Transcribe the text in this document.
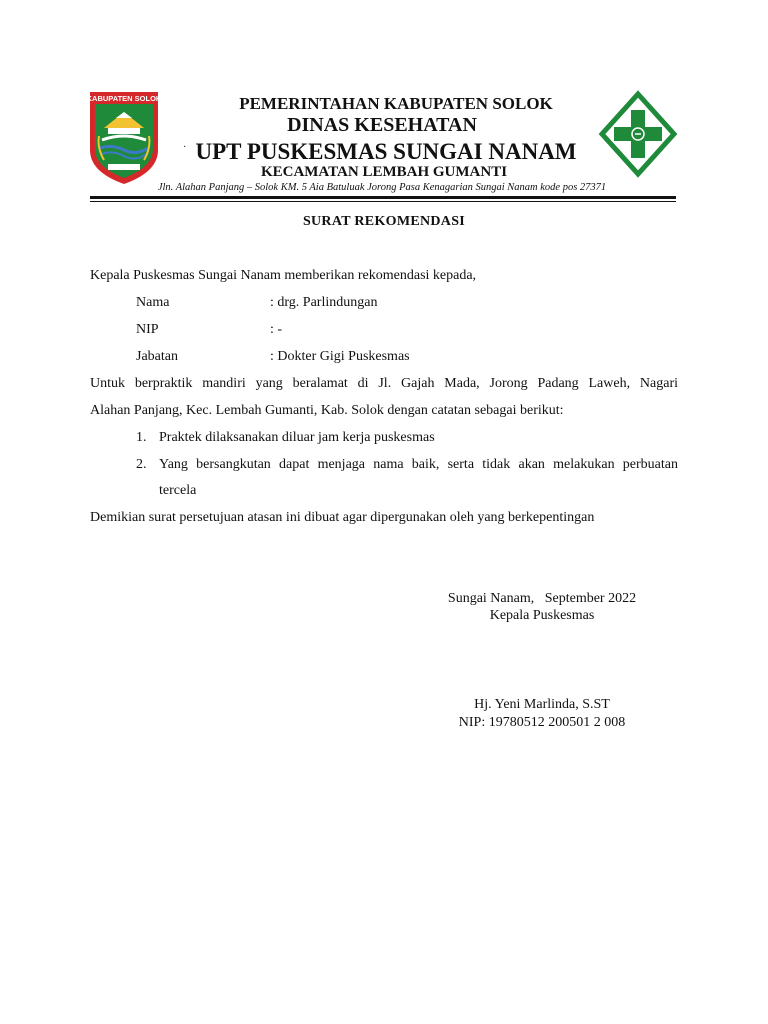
KABUPATEN SOLOK	PEMERINTAHAN KABUPATEN SOLOK
DINAS KESEHATAN
UPT PUSKESMAS SUNGAI NANAM
KECAMATAN LEMBAH GUMANTI
Jln. Alahan Panjang – Solok KM. 5 Aia Batuluak Jorong Pasa Kenagarian Sungai Nanam kode pos 27371
·
SURAT REKOMENDASI
Kepala Puskesmas Sungai Nanam memberikan rekomendasi kepada,
Nama	: drg. Parlindungan
NIP	: -
Jabatan	: Dokter Gigi Puskesmas
Untuk berpraktik mandiri yang beralamat di Jl. Gajah Mada, Jorong Padang Laweh, Nagari
Alahan Panjang, Kec. Lembah Gumanti, Kab. Solok dengan catatan sebagai berikut:
1. Praktek dilaksanakan diluar jam kerja puskesmas
2. Yang bersangkutan dapat menjaga nama baik, serta tidak akan melakukan perbuatan
tercela
Demikian surat persetujuan atasan ini dibuat agar dipergunakan oleh yang berkepentingan
Sungai Nanam,   September 2022
Kepala Puskesmas
Hj. Yeni Marlinda, S.ST
NIP: 19780512 200501 2 008
